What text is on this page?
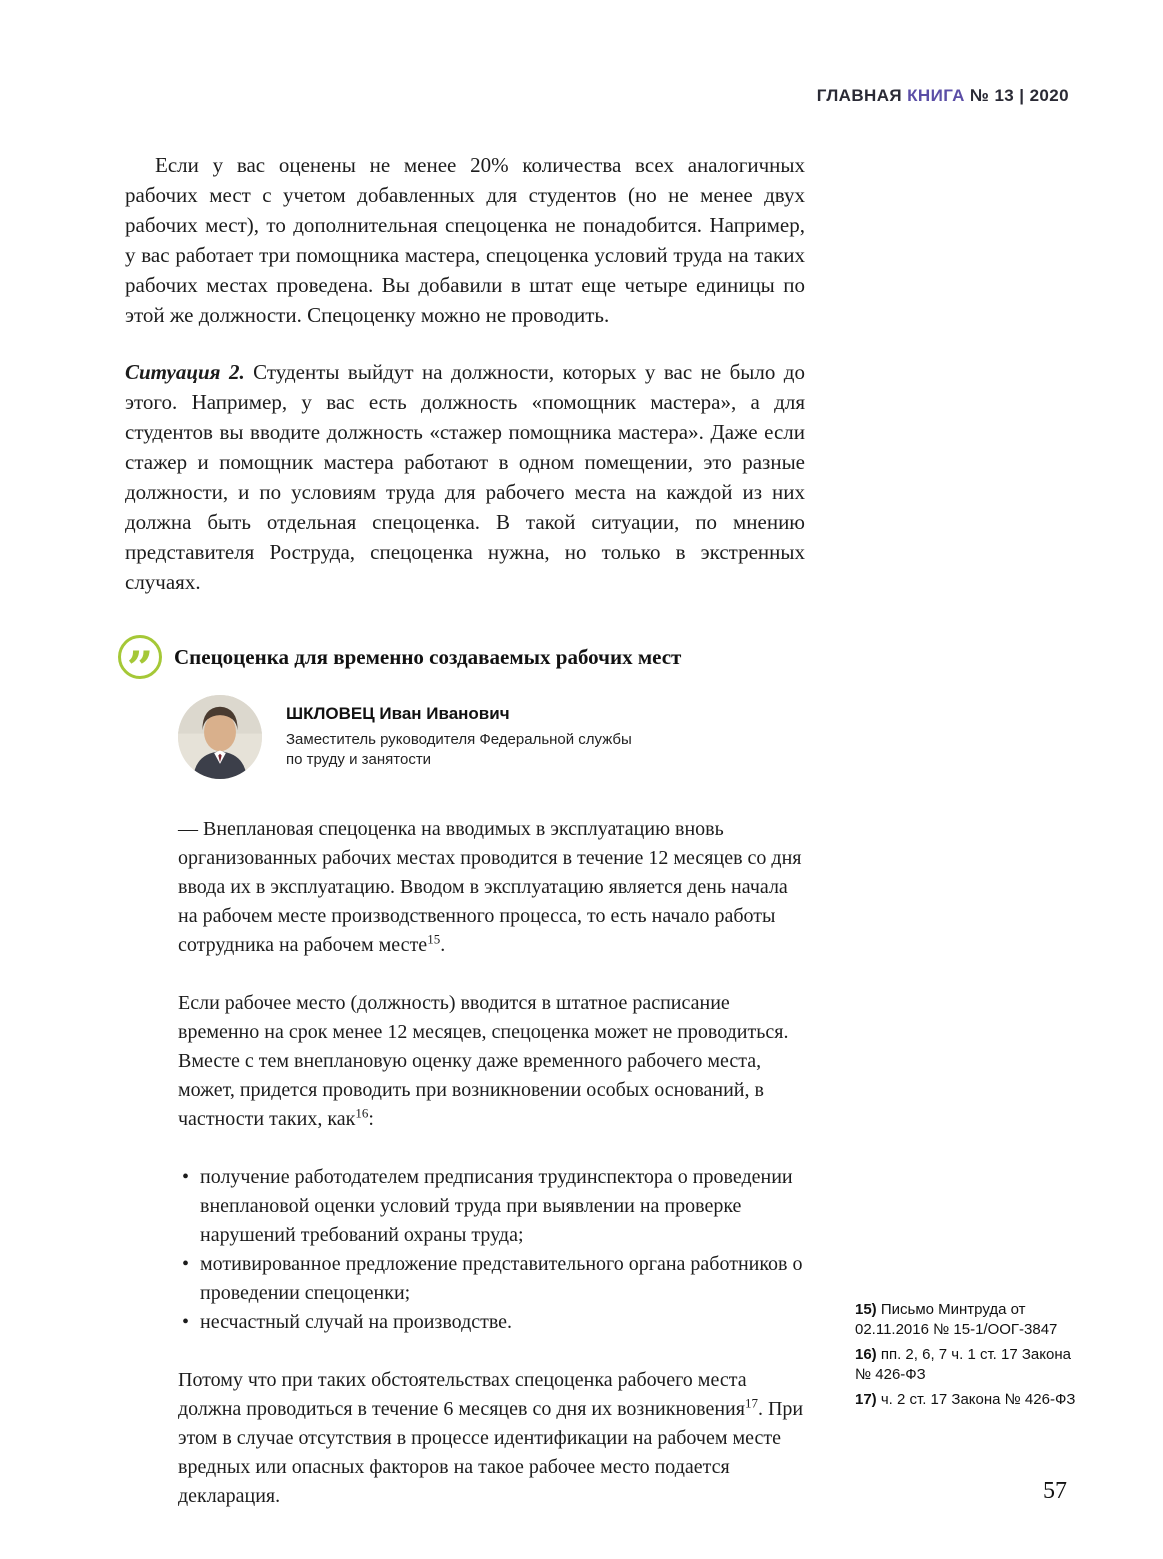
ГЛАВНАЯ КНИГА № 13 | 2020

Если у вас оценены не менее 20% количества всех аналогичных рабочих мест с учетом добавленных для студентов (но не менее двух рабочих мест), то дополнительная спецоценка не понадобится. Например, у вас работает три помощника мастера, спецоценка условий труда на таких рабочих местах проведена. Вы добавили в штат еще четыре единицы по этой же должности. Спецоценку можно не проводить.

Ситуация 2. Студенты выйдут на должности, которых у вас не было до этого. Например, у вас есть должность «помощник мастера», а для студентов вы вводите должность «стажер помощника мастера». Даже если стажер и помощник мастера работают в одном помещении, это разные должности, и по условиям труда для рабочего места на каждой из них должна быть отдельная спецоценка. В такой ситуации, по мнению представителя Роструда, спецоценка нужна, но только в экстренных случаях.

” Спецоценка для временно создаваемых рабочих мест
ШКЛОВЕЦ Иван Иванович
Заместитель руководителя Федеральной службы по труду и занятости

— Внеплановая спецоценка на вводимых в эксплуатацию вновь организованных рабочих местах проводится в течение 12 месяцев со дня ввода их в эксплуатацию. Вводом в эксплуатацию является день начала на рабочем месте производственного процесса, то есть начало работы сотрудника на рабочем месте$^{15}$.

Если рабочее место (должность) вводится в штатное расписание временно на срок менее 12 месяцев, спецоценка может не проводиться. Вместе с тем внеплановую оценку даже временного рабочего места, может, придется проводить при возникновении особых оснований, в частности таких, как$^{16}$:

• получение работодателем предписания трудинспектора о проведении внеплановой оценки условий труда при выявлении на проверке нарушений требований охраны труда;
• мотивированное предложение представительного органа работников о проведении спецоценки;
• несчастный случай на производстве.

Потому что при таких обстоятельствах спецоценка рабочего места должна проводиться в течение 6 месяцев со дня их возникновения$^{17}$. При этом в случае отсутствия в процессе идентификации на рабочем месте вредных или опасных факторов на такое рабочее место подается декларация.

15) Письмо Минтруда от 02.11.2016 № 15-1/ООГ-3847
16) пп. 2, 6, 7 ч. 1 ст. 17 Закона № 426-ФЗ
17) ч. 2 ст. 17 Закона № 426-ФЗ
57
